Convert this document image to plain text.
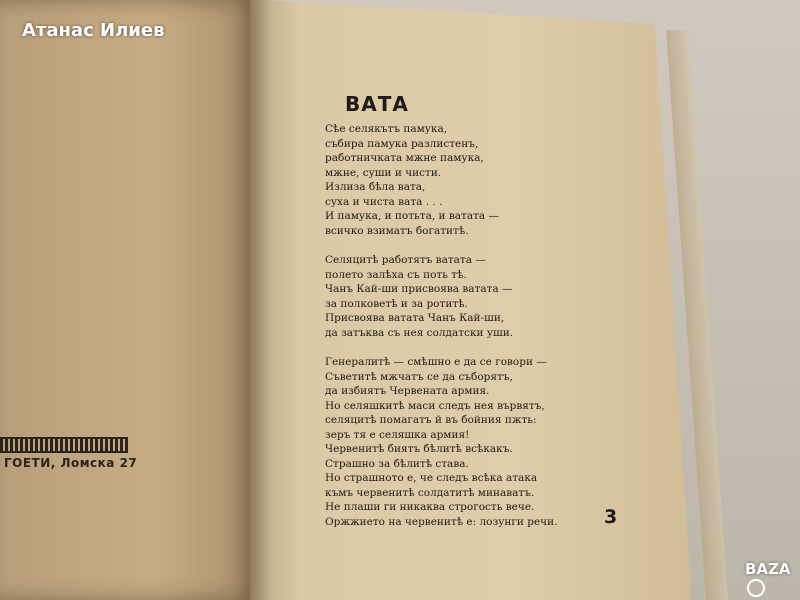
ГОЕТИ, Ломска 27
Атанас Илиев
ВАТА
Сѣе селякътъ памука,
събира памука разлистенъ,
работничката мжне памука,
мжне, суши и чисти.
Излиза бѣла вата,
суха и чиста вата . . .
И памука, и потьта, и ватата —
всичко взиматъ богатитѣ.
Селяцитѣ работятъ ватата —
полето залѣха съ поть тѣ.
Чанъ Кай-ши присвоява ватата —
за полковетѣ и за ротитѣ.
Присвоява ватата Чанъ Кай-ши,
да затъква съ нея солдатски уши.
Генералитѣ — смѣшно е да се говори —
Съветитѣ мжчатъ се да съборятъ,
да избиятъ Червената армия.
Но селяшкитѣ маси следъ нея вървятъ,
селяцитѣ помагатъ й въ бойния пжть:
зеръ тя е селяшка армия!
Червенитѣ биятъ бѣлитѣ всѣкакъ.
Страшно за бѣлитѣ става.
Но страшното е, че следъ всѣка атака
къмъ червенитѣ солдатитѣ минаватъ.
Не плаши ги никаква строгость вече.
Оржжието на червенитѣ е: лозунги речи.	3
BAZA
